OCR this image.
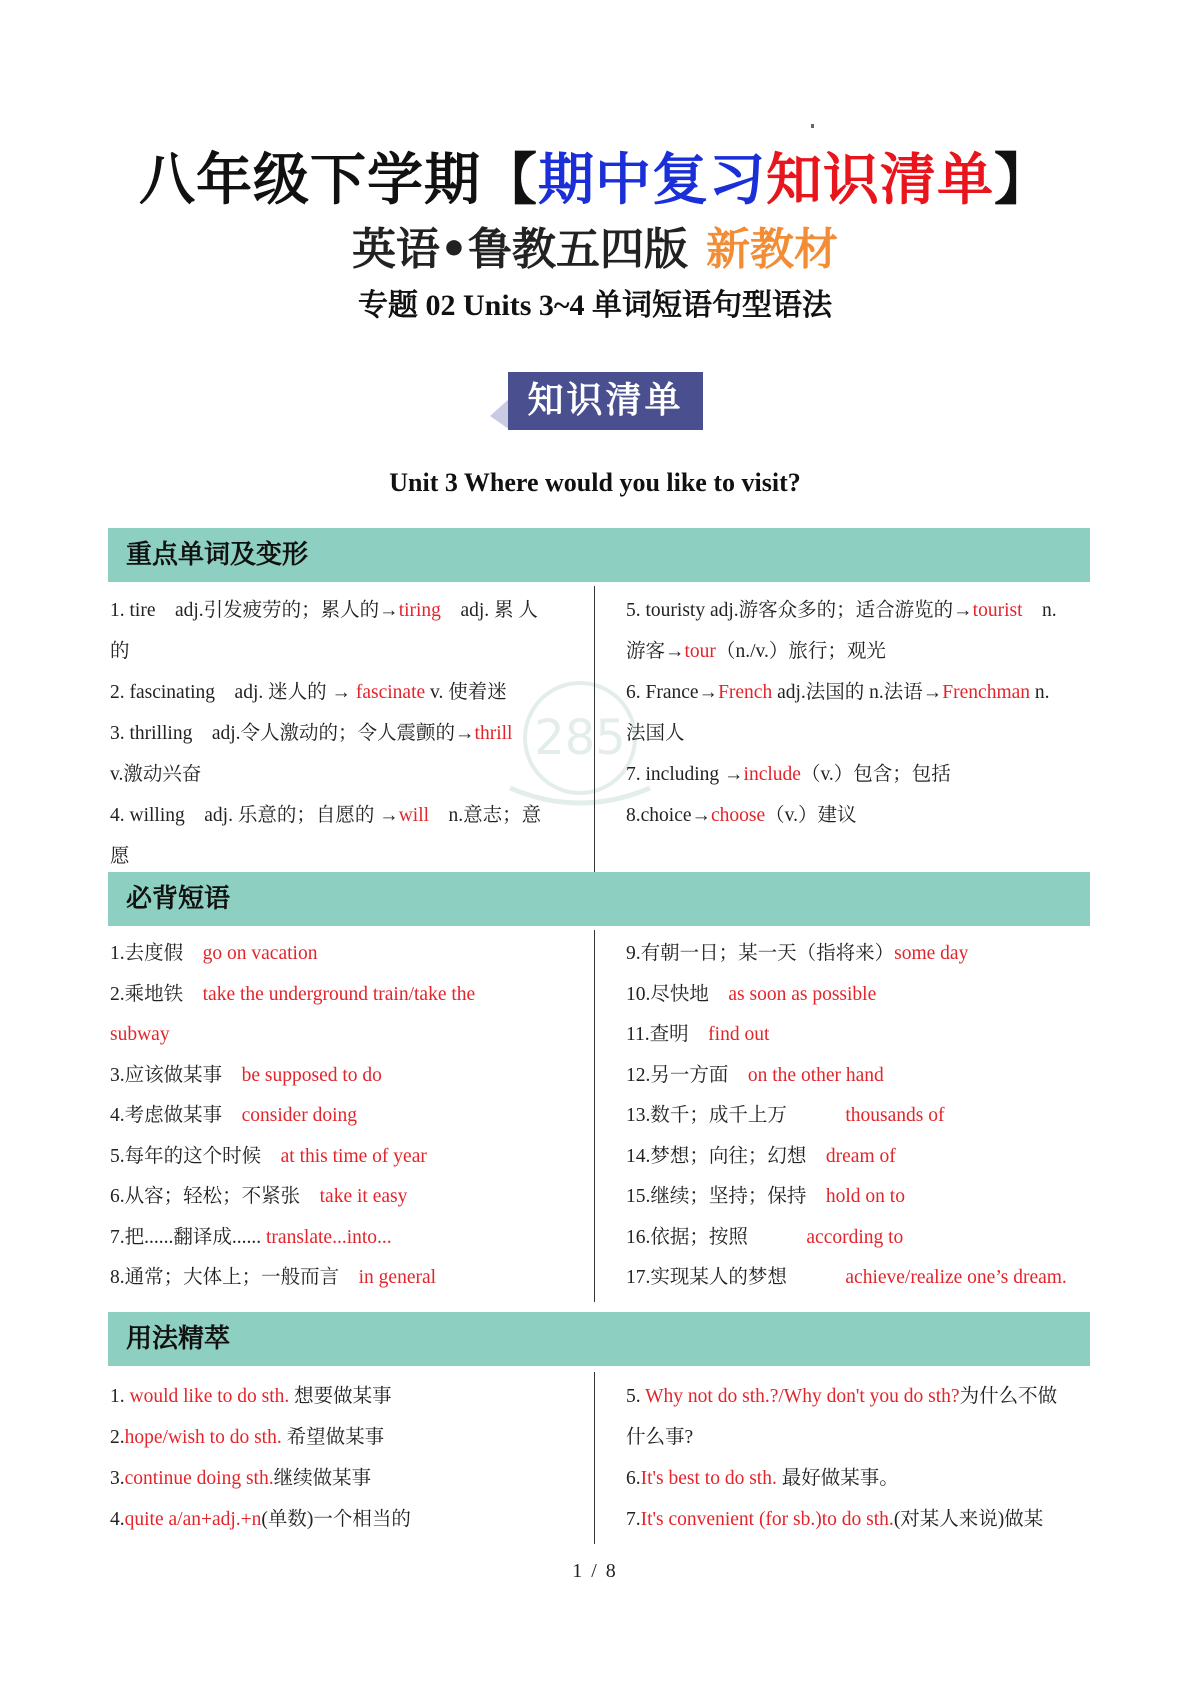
八年级下学期【期中复习知识清单】
英语•鲁教五四版 新教材
专题 02 Units 3~4 单词短语句型语法
知识清单
Unit 3 Where would you like to visit?
重点单词及变形
1. tire　adj.引发疲劳的；累人的→tiring　adj. 累 人
的
2. fascinating　adj. 迷人的 → fascinate v. 使着迷
3. thrilling　adj.令人激动的；令人震颤的→thrill
v.激动兴奋
4. willing　adj. 乐意的；自愿的 →will　n.意志；意
愿
5. touristy adj.游客众多的；适合游览的→tourist　n.
游客→tour（n./v.）旅行；观光
6. France→French adj.法国的 n.法语→Frenchman n.
法国人
7. including →include（v.）包含；包括
8.choice→choose（v.）建议
285
必背短语
1.去度假　go on vacation
2.乘地铁　take the underground train/take the
subway
3.应该做某事　be supposed to do
4.考虑做某事　consider doing
5.每年的这个时候　at this time of year
6.从容；轻松；不紧张　take it easy
7.把......翻译成...... translate...into...
8.通常；大体上；一般而言　in general
9.有朝一日；某一天（指将来）some day
10.尽快地　as soon as possible
11.查明　find out
12.另一方面　on the other hand
13.数千；成千上万　　　thousands of
14.梦想；向往；幻想　dream of
15.继续；坚持；保持　hold on to
16.依据；按照　　　according to
17.实现某人的梦想　　　achieve/realize one’s dream.
用法精萃
1. would like to do sth. 想要做某事
2.hope/wish to do sth. 希望做某事
3.continue doing sth.继续做某事
4.quite a/an+adj.+n(单数)一个相当的
5. Why not do sth.?/Why don't you do sth?为什么不做
什么事?
6.It's best to do sth. 最好做某事。
7.It's convenient (for sb.)to do sth.(对某人来说)做某
1 / 8
